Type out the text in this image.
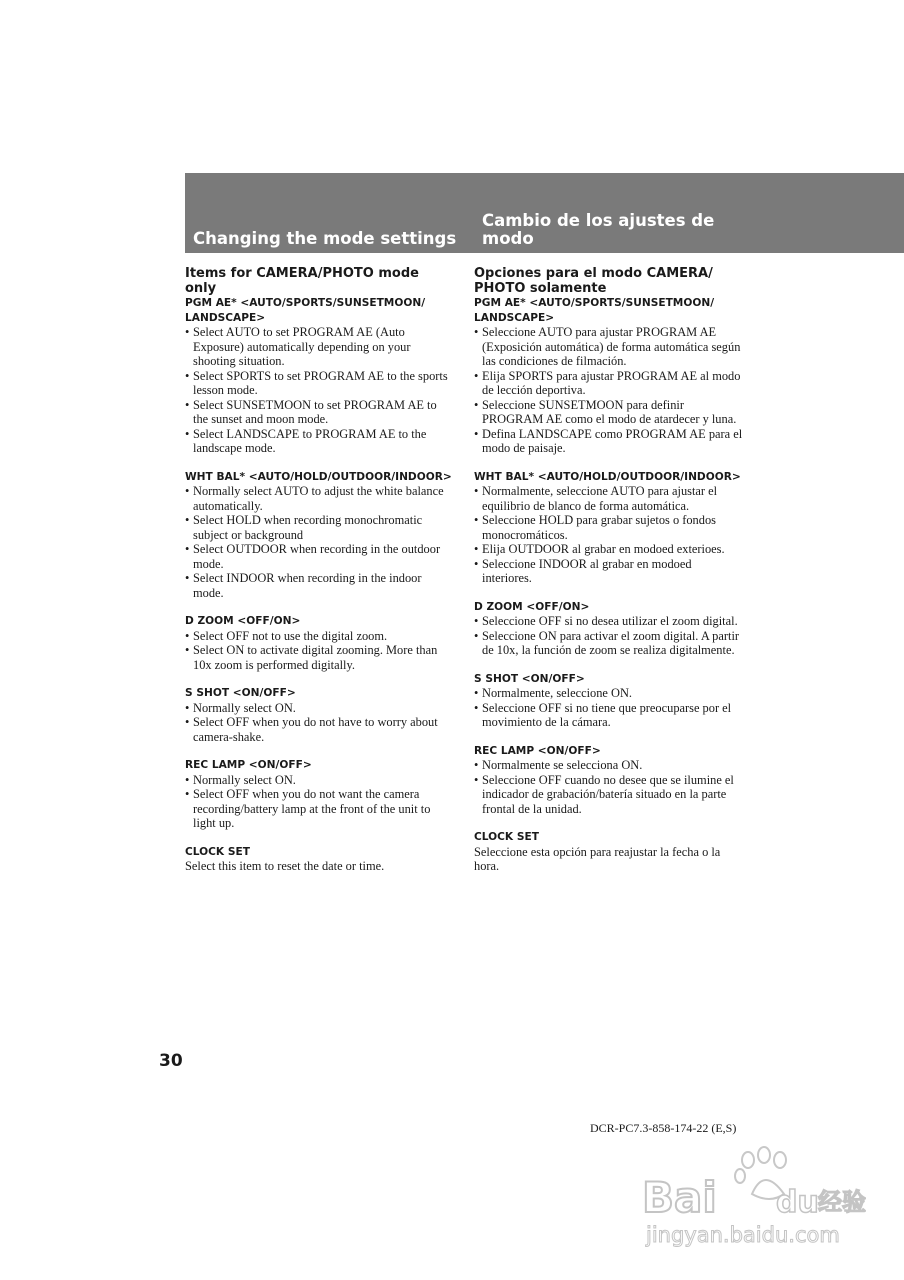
Changing the mode settings
Cambio de los ajustes de modo
Items for CAMERA/PHOTO mode only
PGM AE* <AUTO/SPORTS/SUNSETMOON/ LANDSCAPE>
• Select AUTO to set PROGRAM AE (Auto Exposure) automatically depending on your shooting situation.
• Select SPORTS to set PROGRAM AE to the sports lesson mode.
• Select SUNSETMOON to set PROGRAM AE to the sunset and moon mode.
• Select LANDSCAPE to PROGRAM AE to the landscape mode.
WHT BAL* <AUTO/HOLD/OUTDOOR/INDOOR>
• Normally select AUTO to adjust the white balance automatically.
• Select HOLD when recording monochromatic subject or background
• Select OUTDOOR when recording in the outdoor mode.
• Select INDOOR when recording in the indoor mode.
D ZOOM <OFF/ON>
• Select OFF not to use the digital zoom.
• Select ON to activate digital zooming. More than 10x zoom is performed digitally.
S SHOT <ON/OFF>
• Normally select ON.
• Select OFF when you do not have to worry about camera-shake.
REC LAMP <ON/OFF>
• Normally select ON.
• Select OFF when you do not want the camera recording/battery lamp at the front of the unit to light up.
CLOCK SET

Select this item to reset the date or time.

Opciones para el modo CAMERA/ PHOTO solamente
PGM AE* <AUTO/SPORTS/SUNSETMOON/ LANDSCAPE>
• Seleccione AUTO para ajustar PROGRAM AE (Exposición automática) de forma automática según las condiciones de filmación.
• Elija SPORTS para ajustar PROGRAM AE al modo de lección deportiva.
• Seleccione SUNSETMOON para definir PROGRAM AE como el modo de atardecer y luna.
• Defina LANDSCAPE como PROGRAM AE para el modo de paisaje.
WHT BAL* <AUTO/HOLD/OUTDOOR/INDOOR>
• Normalmente, seleccione AUTO para ajustar el equilibrio de blanco de forma automática.
• Seleccione HOLD para grabar sujetos o fondos monocromáticos.
• Elija OUTDOOR al grabar en modoed exterioes.
• Seleccione INDOOR al grabar en modoed interiores.
D ZOOM <OFF/ON>
• Seleccione OFF si no desea utilizar el zoom digital.
• Seleccione ON para activar el zoom digital. A partir de 10x, la función de zoom se realiza digitalmente.
S SHOT <ON/OFF>
• Normalmente, seleccione ON.
• Seleccione OFF si no tiene que preocuparse por el movimiento de la cámara.
REC LAMP <ON/OFF>
• Normalmente se selecciona ON.
• Seleccione OFF cuando no desee que se ilumine el indicador de grabación/batería situado en la parte frontal de la unidad.
CLOCK SET

Seleccione esta opción para reajustar la fecha o la hora.

30

DCR-PC7.3-858-174-22 (E,S)

Bai du 经验
jingyan.baidu.com
